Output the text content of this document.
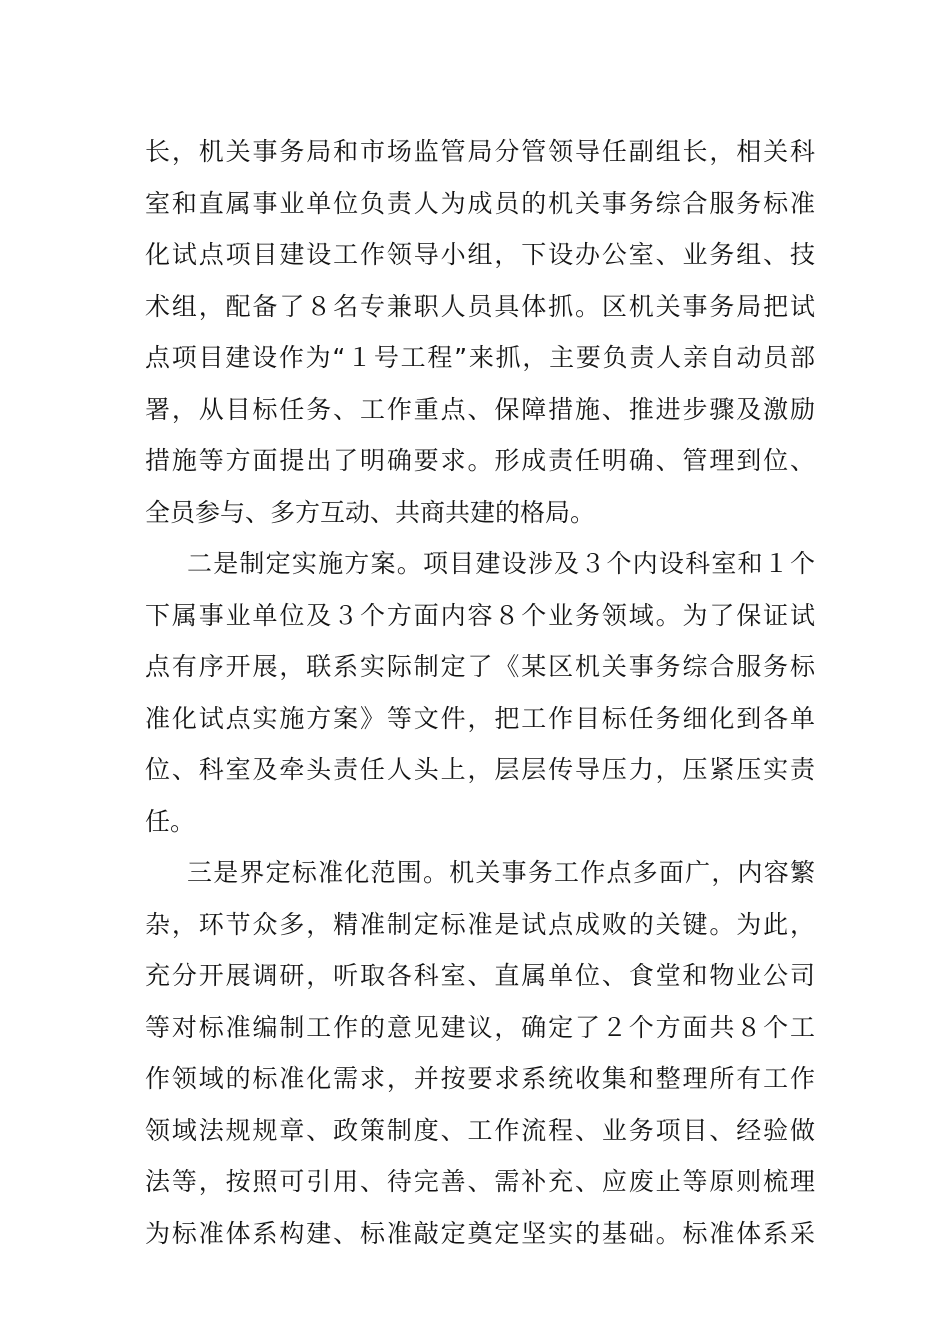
长，机关事务局和市场监管局分管领导任副组长，相关科
室和直属事业单位负责人为成员的机关事务综合服务标准
化试点项目建设工作领导小组，下设办公室、业务组、技
术组，配备了８名专兼职人员具体抓。区机关事务局把试
点项目建设作为“１号工程”来抓，主要负责人亲自动员部
署，从目标任务、工作重点、保障措施、推进步骤及激励
措施等方面提出了明确要求。形成责任明确、管理到位、
全员参与、多方互动、共商共建的格局。
二是制定实施方案。项目建设涉及３个内设科室和１个
下属事业单位及３个方面内容８个业务领域。为了保证试
点有序开展，联系实际制定了《某区机关事务综合服务标
准化试点实施方案》等文件，把工作目标任务细化到各单
位、科室及牵头责任人头上，层层传导压力，压紧压实责
任。
三是界定标准化范围。机关事务工作点多面广，内容繁
杂，环节众多，精准制定标准是试点成败的关键。为此，
充分开展调研，听取各科室、直属单位、食堂和物业公司
等对标准编制工作的意见建议，确定了２个方面共８个工
作领域的标准化需求，并按要求系统收集和整理所有工作
领域法规规章、政策制度、工作流程、业务项目、经验做
法等，按照可引用、待完善、需补充、应废止等原则梳理
为标准体系构建、标准敲定奠定坚实的基础。标准体系采
